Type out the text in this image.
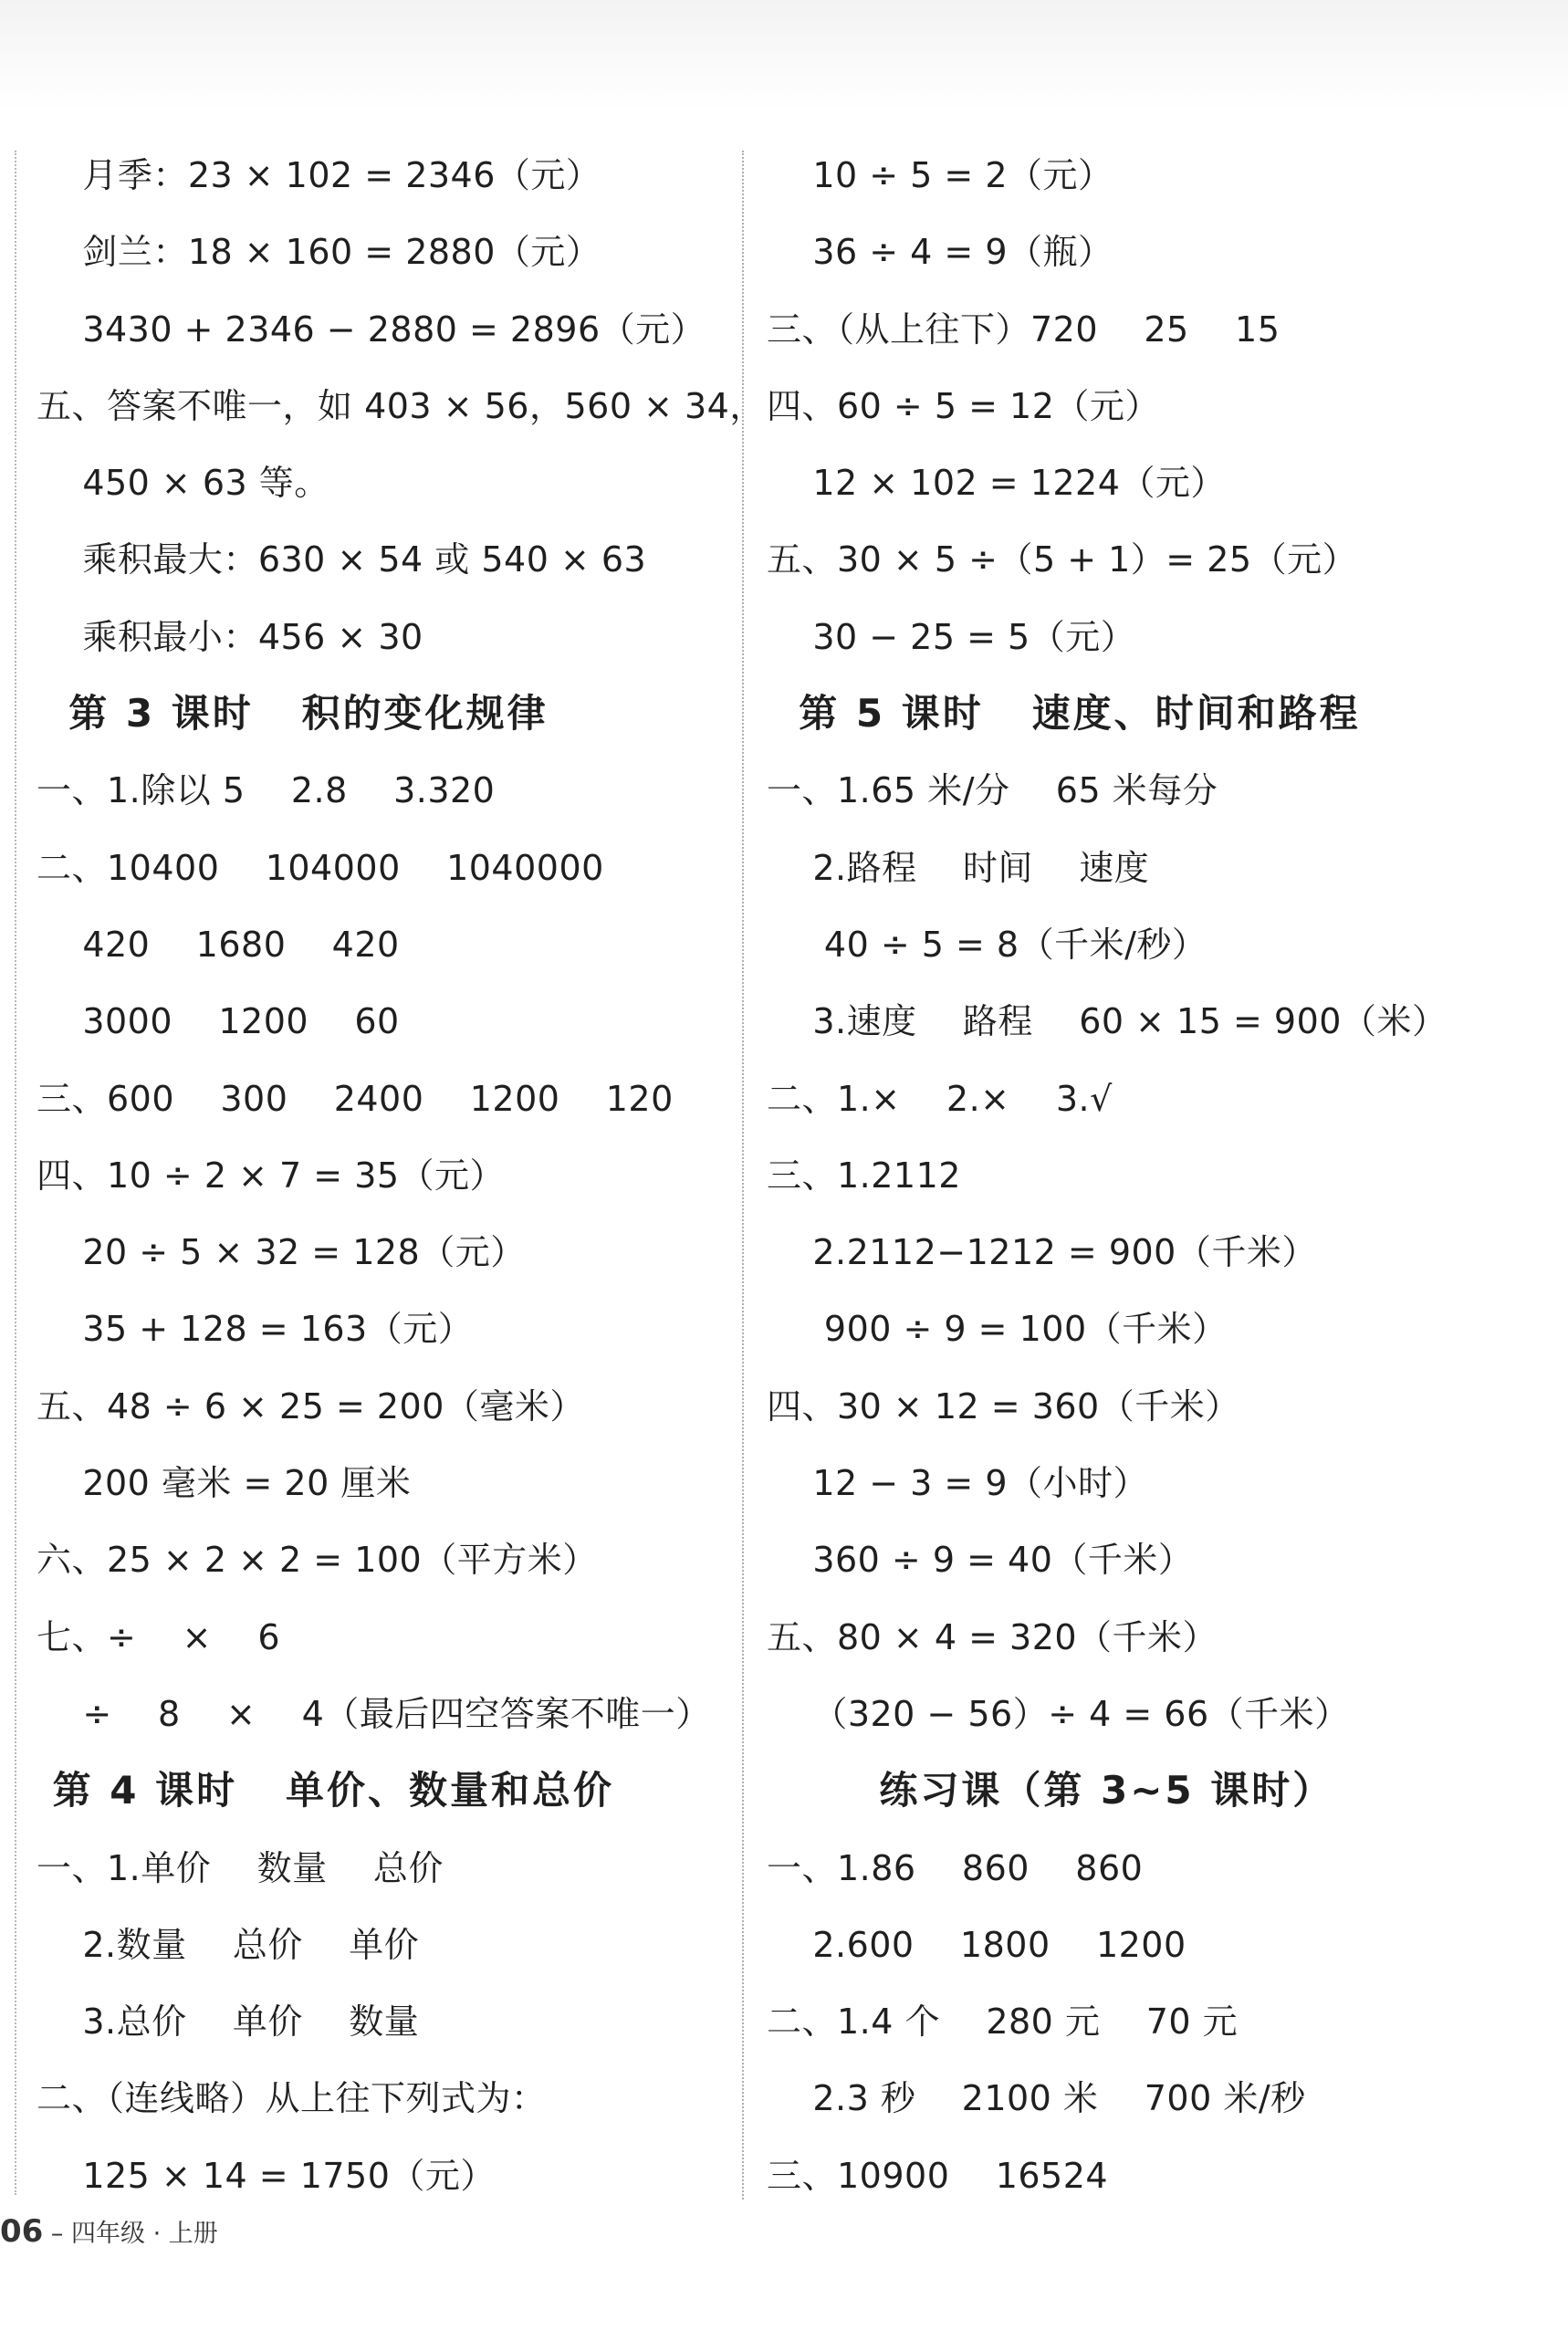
月季：23 × 102 = 2346（元）
剑兰：18 × 160 = 2880（元）
3430 + 2346 − 2880 = 2896（元）
五、答案不唯一，如 403 × 56，560 × 34，
450 × 63 等。
乘积最大：630 × 54 或 540 × 63
乘积最小：456 × 30
第 3 课时   积的变化规律
一、1.除以 5    2.8    3.320
二、10400    104000    1040000
420    1680    420
3000    1200    60
三、600    300    2400    1200    120
四、10 ÷ 2 × 7 = 35（元）
20 ÷ 5 × 32 = 128（元）
35 + 128 = 163（元）
五、48 ÷ 6 × 25 = 200（毫米）
200 毫米 = 20 厘米
六、25 × 2 × 2 = 100（平方米）
七、÷    ×    6
÷    8    ×    4（最后四空答案不唯一）
第 4 课时   单价、数量和总价
一、1.单价    数量    总价
2.数量    总价    单价
3.总价    单价    数量
二、（连线略）从上往下列式为：
125 × 14 = 1750（元）
10 ÷ 5 = 2（元）
36 ÷ 4 = 9（瓶）
三、（从上往下）720    25    15
四、60 ÷ 5 = 12（元）
12 × 102 = 1224（元）
五、30 × 5 ÷（5 + 1）= 25（元）
30 − 25 = 5（元）
第 5 课时   速度、时间和路程
一、1.65 米/分    65 米每分
2.路程    时间    速度
40 ÷ 5 = 8（千米/秒）
3.速度    路程    60 × 15 = 900（米）
二、1.×    2.×    3.√
三、1.2112
2.2112−1212 = 900（千米）
900 ÷ 9 = 100（千米）
四、30 × 12 = 360（千米）
12 − 3 = 9（小时）
360 ÷ 9 = 40（千米）
五、80 × 4 = 320（千米）
（320 − 56）÷ 4 = 66（千米）
练习课（第 3~5 课时）
一、1.86    860    860
2.600    1800    1200
二、1.4 个    280 元    70 元
2.3 秒    2100 米    700 米/秒
三、10900    16524
06 – 四年级 · 上册
